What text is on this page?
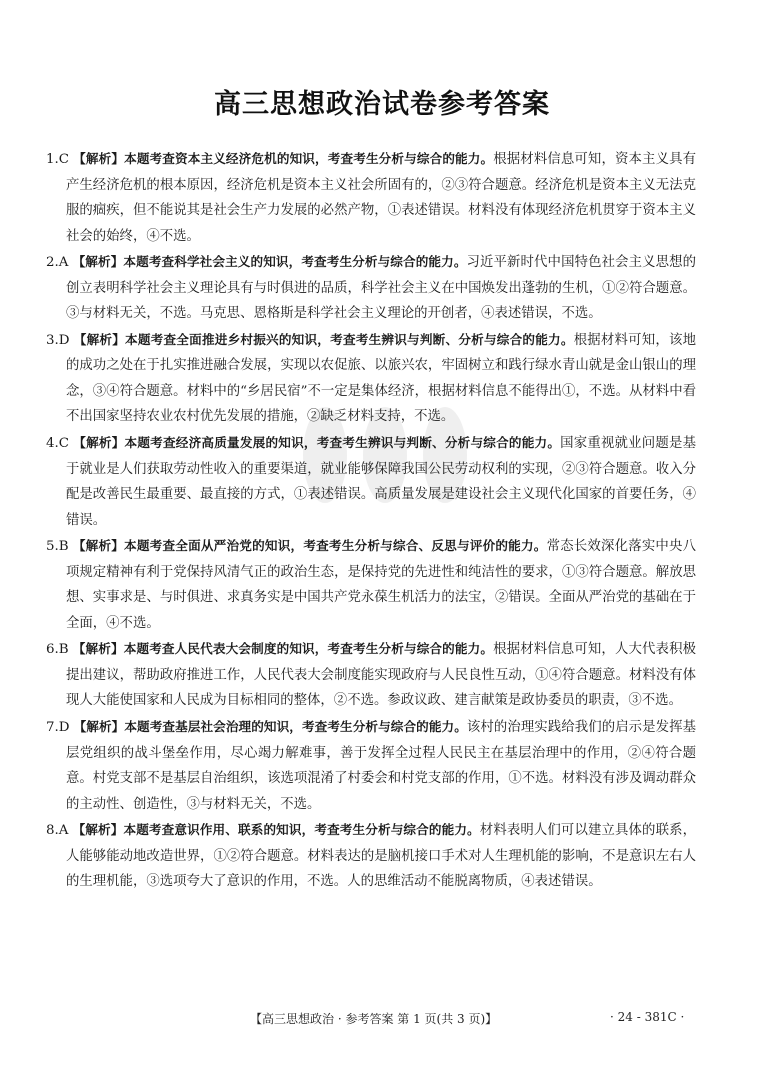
高三思想政治试卷参考答案

1.C 【解析】本题考查资本主义经济危机的知识，考查考生分析与综合的能力。根据材料信息可知，资本主义具有产生经济危机的根本原因，经济危机是资本主义社会所固有的，②③符合题意。经济危机是资本主义无法克服的痼疾，但不能说其是社会生产力发展的必然产物，①表述错误。材料没有体现经济危机贯穿于资本主义社会的始终，④不选。

2.A 【解析】本题考查科学社会主义的知识，考查考生分析与综合的能力。习近平新时代中国特色社会主义思想的创立表明科学社会主义理论具有与时俱进的品质，科学社会主义在中国焕发出蓬勃的生机，①②符合题意。③与材料无关，不选。马克思、恩格斯是科学社会主义理论的开创者，④表述错误，不选。

3.D 【解析】本题考查全面推进乡村振兴的知识，考查考生辨识与判断、分析与综合的能力。根据材料可知，该地的成功之处在于扎实推进融合发展，实现以农促旅、以旅兴农，牢固树立和践行绿水青山就是金山银山的理念，③④符合题意。材料中的“乡居民宿”不一定是集体经济，根据材料信息不能得出①，不选。从材料中看不出国家坚持农业农村优先发展的措施，②缺乏材料支持，不选。

4.C 【解析】本题考查经济高质量发展的知识，考查考生辨识与判断、分析与综合的能力。国家重视就业问题是基于就业是人们获取劳动性收入的重要渠道，就业能够保障我国公民劳动权利的实现，②③符合题意。收入分配是改善民生最重要、最直接的方式，①表述错误。高质量发展是建设社会主义现代化国家的首要任务，④错误。

5.B 【解析】本题考查全面从严治党的知识，考查考生分析与综合、反思与评价的能力。常态长效深化落实中央八项规定精神有利于党保持风清气正的政治生态，是保持党的先进性和纯洁性的要求，①③符合题意。解放思想、实事求是、与时俱进、求真务实是中国共产党永葆生机活力的法宝，②错误。全面从严治党的基础在于全面，④不选。

6.B 【解析】本题考查人民代表大会制度的知识，考查考生分析与综合的能力。根据材料信息可知，人大代表积极提出建议，帮助政府推进工作，人民代表大会制度能实现政府与人民良性互动，①④符合题意。材料没有体现人大能使国家和人民成为目标相同的整体，②不选。参政议政、建言献策是政协委员的职责，③不选。

7.D 【解析】本题考查基层社会治理的知识，考查考生分析与综合的能力。该村的治理实践给我们的启示是发挥基层党组织的战斗堡垒作用，尽心竭力解难事，善于发挥全过程人民民主在基层治理中的作用，②④符合题意。村党支部不是基层自治组织，该选项混淆了村委会和村党支部的作用，①不选。材料没有涉及调动群众的主动性、创造性，③与材料无关，不选。

8.A 【解析】本题考查意识作用、联系的知识，考查考生分析与综合的能力。材料表明人们可以建立具体的联系，人能够能动地改造世界，①②符合题意。材料表达的是脑机接口手术对人生理机能的影响，不是意识左右人的生理机能，③选项夸大了意识的作用，不选。人的思维活动不能脱离物质，④表述错误。

【高三思想政治 · 参考答案 第 1 页(共 3 页)】	· 24 - 381C ·
